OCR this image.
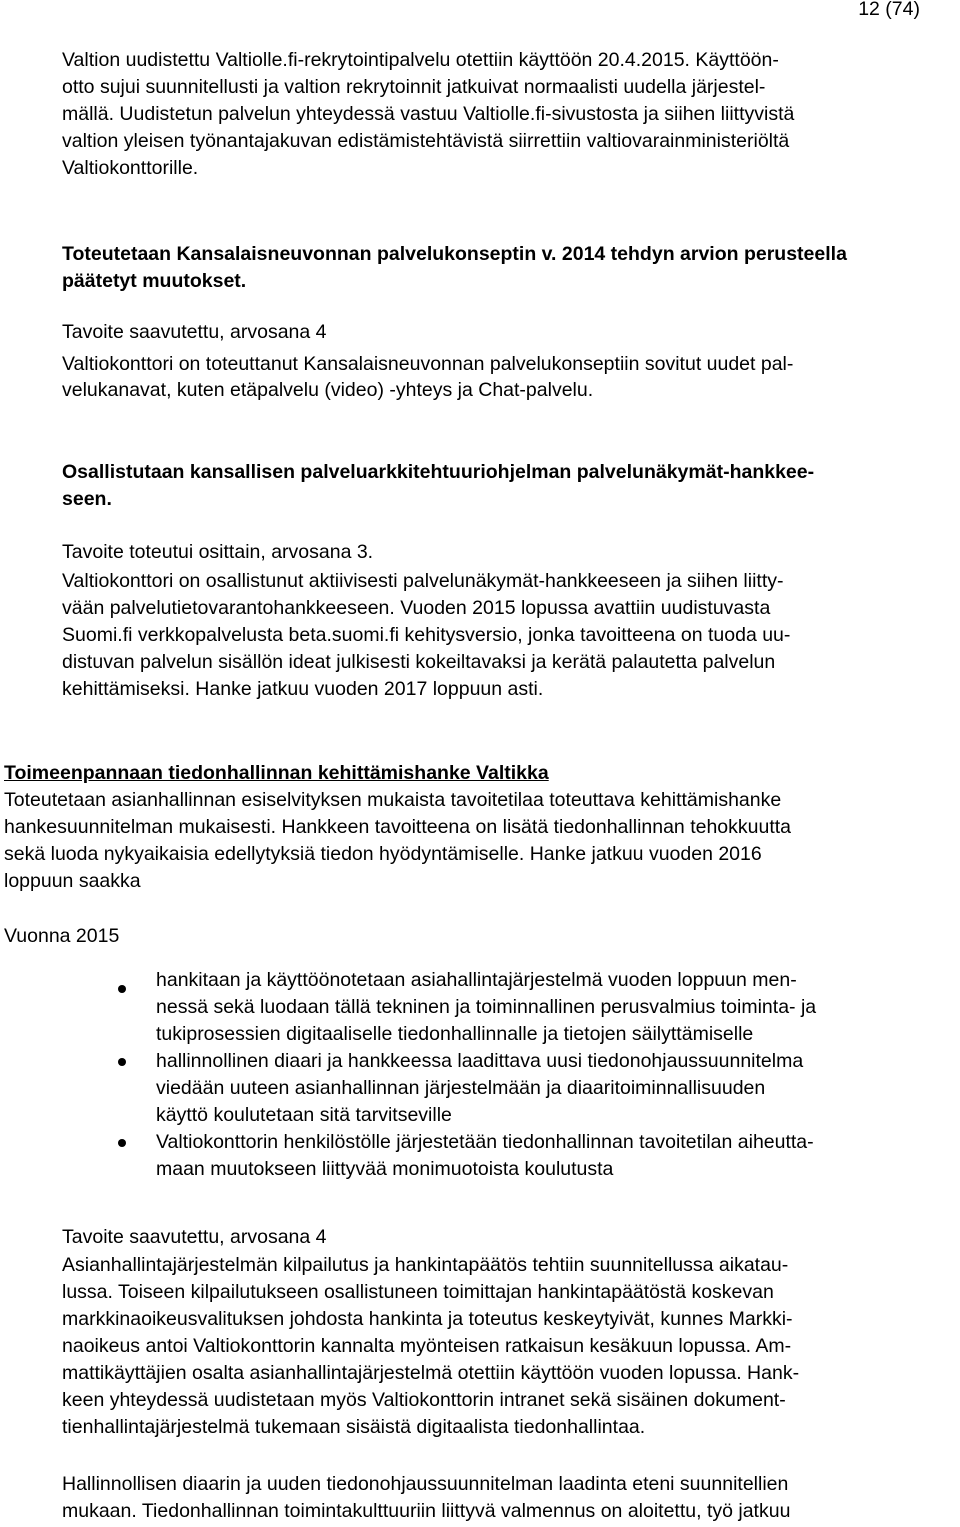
12 (74)
Valtion uudistettu Valtiolle.fi-rekrytointipalvelu otettiin käyttöön 20.4.2015. Käyttöön-
otto sujui suunnitellusti ja valtion rekrytoinnit jatkuivat normaalisti uudella järjestel-
mällä. Uudistetun palvelun yhteydessä vastuu Valtiolle.fi-sivustosta ja siihen liittyvistä
valtion yleisen työnantajakuvan edistämistehtävistä siirrettiin valtiovarainministeriöltä
Valtiokonttorille.
Toteutetaan Kansalaisneuvonnan palvelukonseptin v. 2014 tehdyn arvion perusteella
päätetyt muutokset.
Tavoite saavutettu, arvosana 4
Valtiokonttori on toteuttanut Kansalaisneuvonnan palvelukonseptiin sovitut uudet pal-
velukanavat, kuten etäpalvelu (video) -yhteys ja Chat-palvelu.
Osallistutaan kansallisen palveluarkkitehtuuriohjelman palvelunäkymät-hankkee-
seen.
Tavoite toteutui osittain, arvosana 3.
Valtiokonttori on osallistunut aktiivisesti palvelunäkymät-hankkeeseen ja siihen liitty-
vään palvelutietovarantohankkeeseen. Vuoden 2015 lopussa avattiin uudistuvasta
Suomi.fi verkkopalvelusta beta.suomi.fi kehitysversio, jonka tavoitteena on tuoda uu-
distuvan palvelun sisällön ideat julkisesti kokeiltavaksi ja kerätä palautetta palvelun
kehittämiseksi. Hanke jatkuu vuoden 2017 loppuun asti.
Toimeenpannaan tiedonhallinnan kehittämishanke Valtikka
Toteutetaan asianhallinnan esiselvityksen mukaista tavoitetilaa toteuttava kehittämishanke
hankesuunnitelman mukaisesti. Hankkeen tavoitteena on lisätä tiedonhallinnan tehokkuutta
sekä luoda nykyaikaisia edellytyksiä tiedon hyödyntämiselle. Hanke jatkuu vuoden 2016
loppuun saakka
Vuonna 2015
hankitaan ja käyttöönotetaan asiahallintajärjestelmä vuoden loppuun men-
nessä sekä luodaan tällä tekninen ja toiminnallinen perusvalmius toiminta- ja
tukiprosessien digitaaliselle tiedonhallinnalle ja tietojen säilyttämiselle
hallinnollinen diaari ja hankkeessa laadittava uusi tiedonohjaussuunnitelma
viedään uuteen asianhallinnan järjestelmään ja diaaritoiminnallisuuden
käyttö koulutetaan sitä tarvitseville
Valtiokonttorin henkilöstölle järjestetään tiedonhallinnan tavoitetilan aiheutta-
maan muutokseen liittyvää monimuotoista koulutusta
Tavoite saavutettu, arvosana 4
Asianhallintajärjestelmän kilpailutus ja hankintapäätös tehtiin suunnitellussa aikatau-
lussa. Toiseen kilpailutukseen osallistuneen toimittajan hankintapäätöstä koskevan
markkinaoikeusvalituksen johdosta hankinta ja toteutus keskeytyivät, kunnes Markki-
naoikeus antoi Valtiokonttorin kannalta myönteisen ratkaisun kesäkuun lopussa. Am-
mattikäyttäjien osalta asianhallintajärjestelmä otettiin käyttöön vuoden lopussa. Hank-
keen yhteydessä uudistetaan myös Valtiokonttorin intranet sekä sisäinen dokument-
tienhallintajärjestelmä tukemaan sisäistä digitaalista tiedonhallintaa.
Hallinnollisen diaarin ja uuden tiedonohjaussuunnitelman laadinta eteni suunnitellien
mukaan. Tiedonhallinnan toimintakulttuuriin liittyvä valmennus on aloitettu, työ jatkuu
